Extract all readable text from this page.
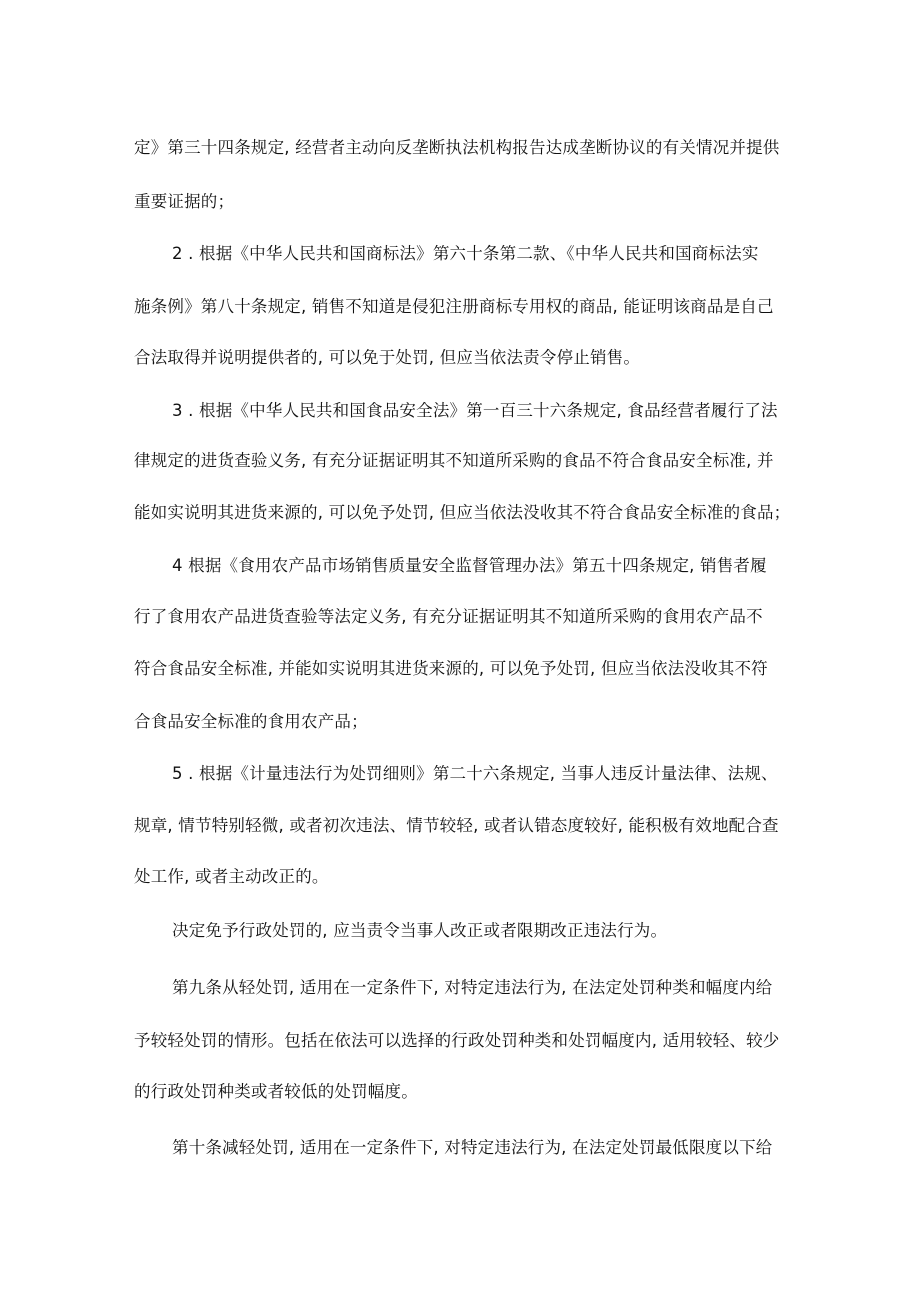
定》第三十四条规定, 经营者主动向反垄断执法机构报告达成垄断协议的有关情况并提供
重要证据的；
2 . 根据《中华人民共和国商标法》第六十条第二款、《中华人民共和国商标法实
施条例》第八十条规定, 销售不知道是侵犯注册商标专用权的商品, 能证明该商品是自己
合法取得并说明提供者的, 可以免于处罚, 但应当依法责令停止销售。
3 . 根据《中华人民共和国食品安全法》第一百三十六条规定, 食品经营者履行了法
律规定的进货查验义务, 有充分证据证明其不知道所采购的食品不符合食品安全标准, 并
能如实说明其进货来源的, 可以免予处罚, 但应当依法没收其不符合食品安全标准的食品；
4 根据《食用农产品市场销售质量安全监督管理办法》第五十四条规定, 销售者履
行了食用农产品进货查验等法定义务, 有充分证据证明其不知道所采购的食用农产品不
符合食品安全标准, 并能如实说明其进货来源的, 可以免予处罚, 但应当依法没收其不符
合食品安全标准的食用农产品；
5 . 根据《计量违法行为处罚细则》第二十六条规定, 当事人违反计量法律、法规、
规章, 情节特别轻微, 或者初次违法、情节较轻, 或者认错态度较好, 能积极有效地配合查
处工作, 或者主动改正的。
决定免予行政处罚的, 应当责令当事人改正或者限期改正违法行为。
第九条从轻处罚, 适用在一定条件下, 对特定违法行为, 在法定处罚种类和幅度内给
予较轻处罚的情形。包括在依法可以选择的行政处罚种类和处罚幅度内, 适用较轻、较少
的行政处罚种类或者较低的处罚幅度。
第十条减轻处罚, 适用在一定条件下, 对特定违法行为, 在法定处罚最低限度以下给
